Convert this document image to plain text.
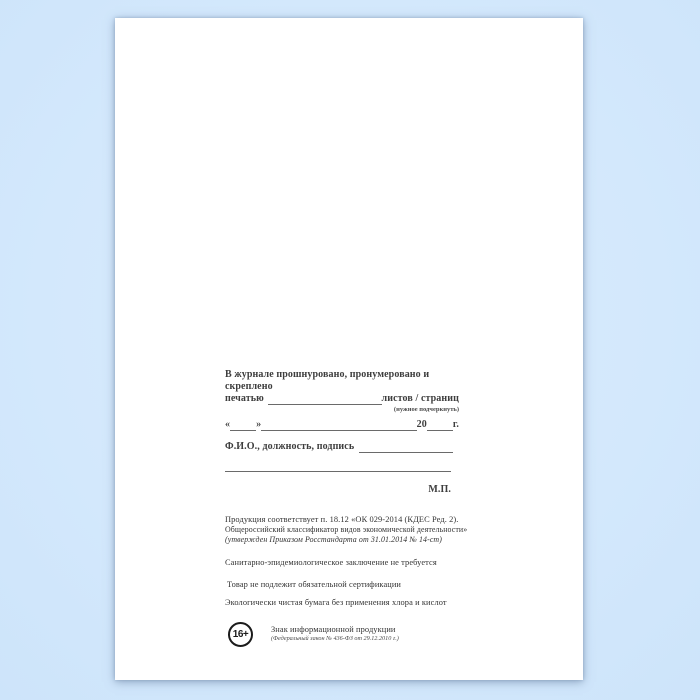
В журнале прошнуровано, пронумеровано и скреплено
печатью	листов / страниц
(нужное подчеркнуть)
«	»	20	г.
Ф.И.О., должность, подпись
М.П.
Продукция соответствует п. 18.12 «ОК 029-2014 (КДЕС Ред. 2).
Общероссийский классификатор видов экономической деятельности»
(утвержден Приказом Росстандарта от 31.01.2014 № 14-ст)
Санитарно-эпидемиологическое заключение не требуется
Товар не подлежит обязательной сертификации
Экологически чистая бумага без применения хлора и кислот
16+	Знак информационной продукции
(Федеральный закон № 436-ФЗ от 29.12.2010 г.)
